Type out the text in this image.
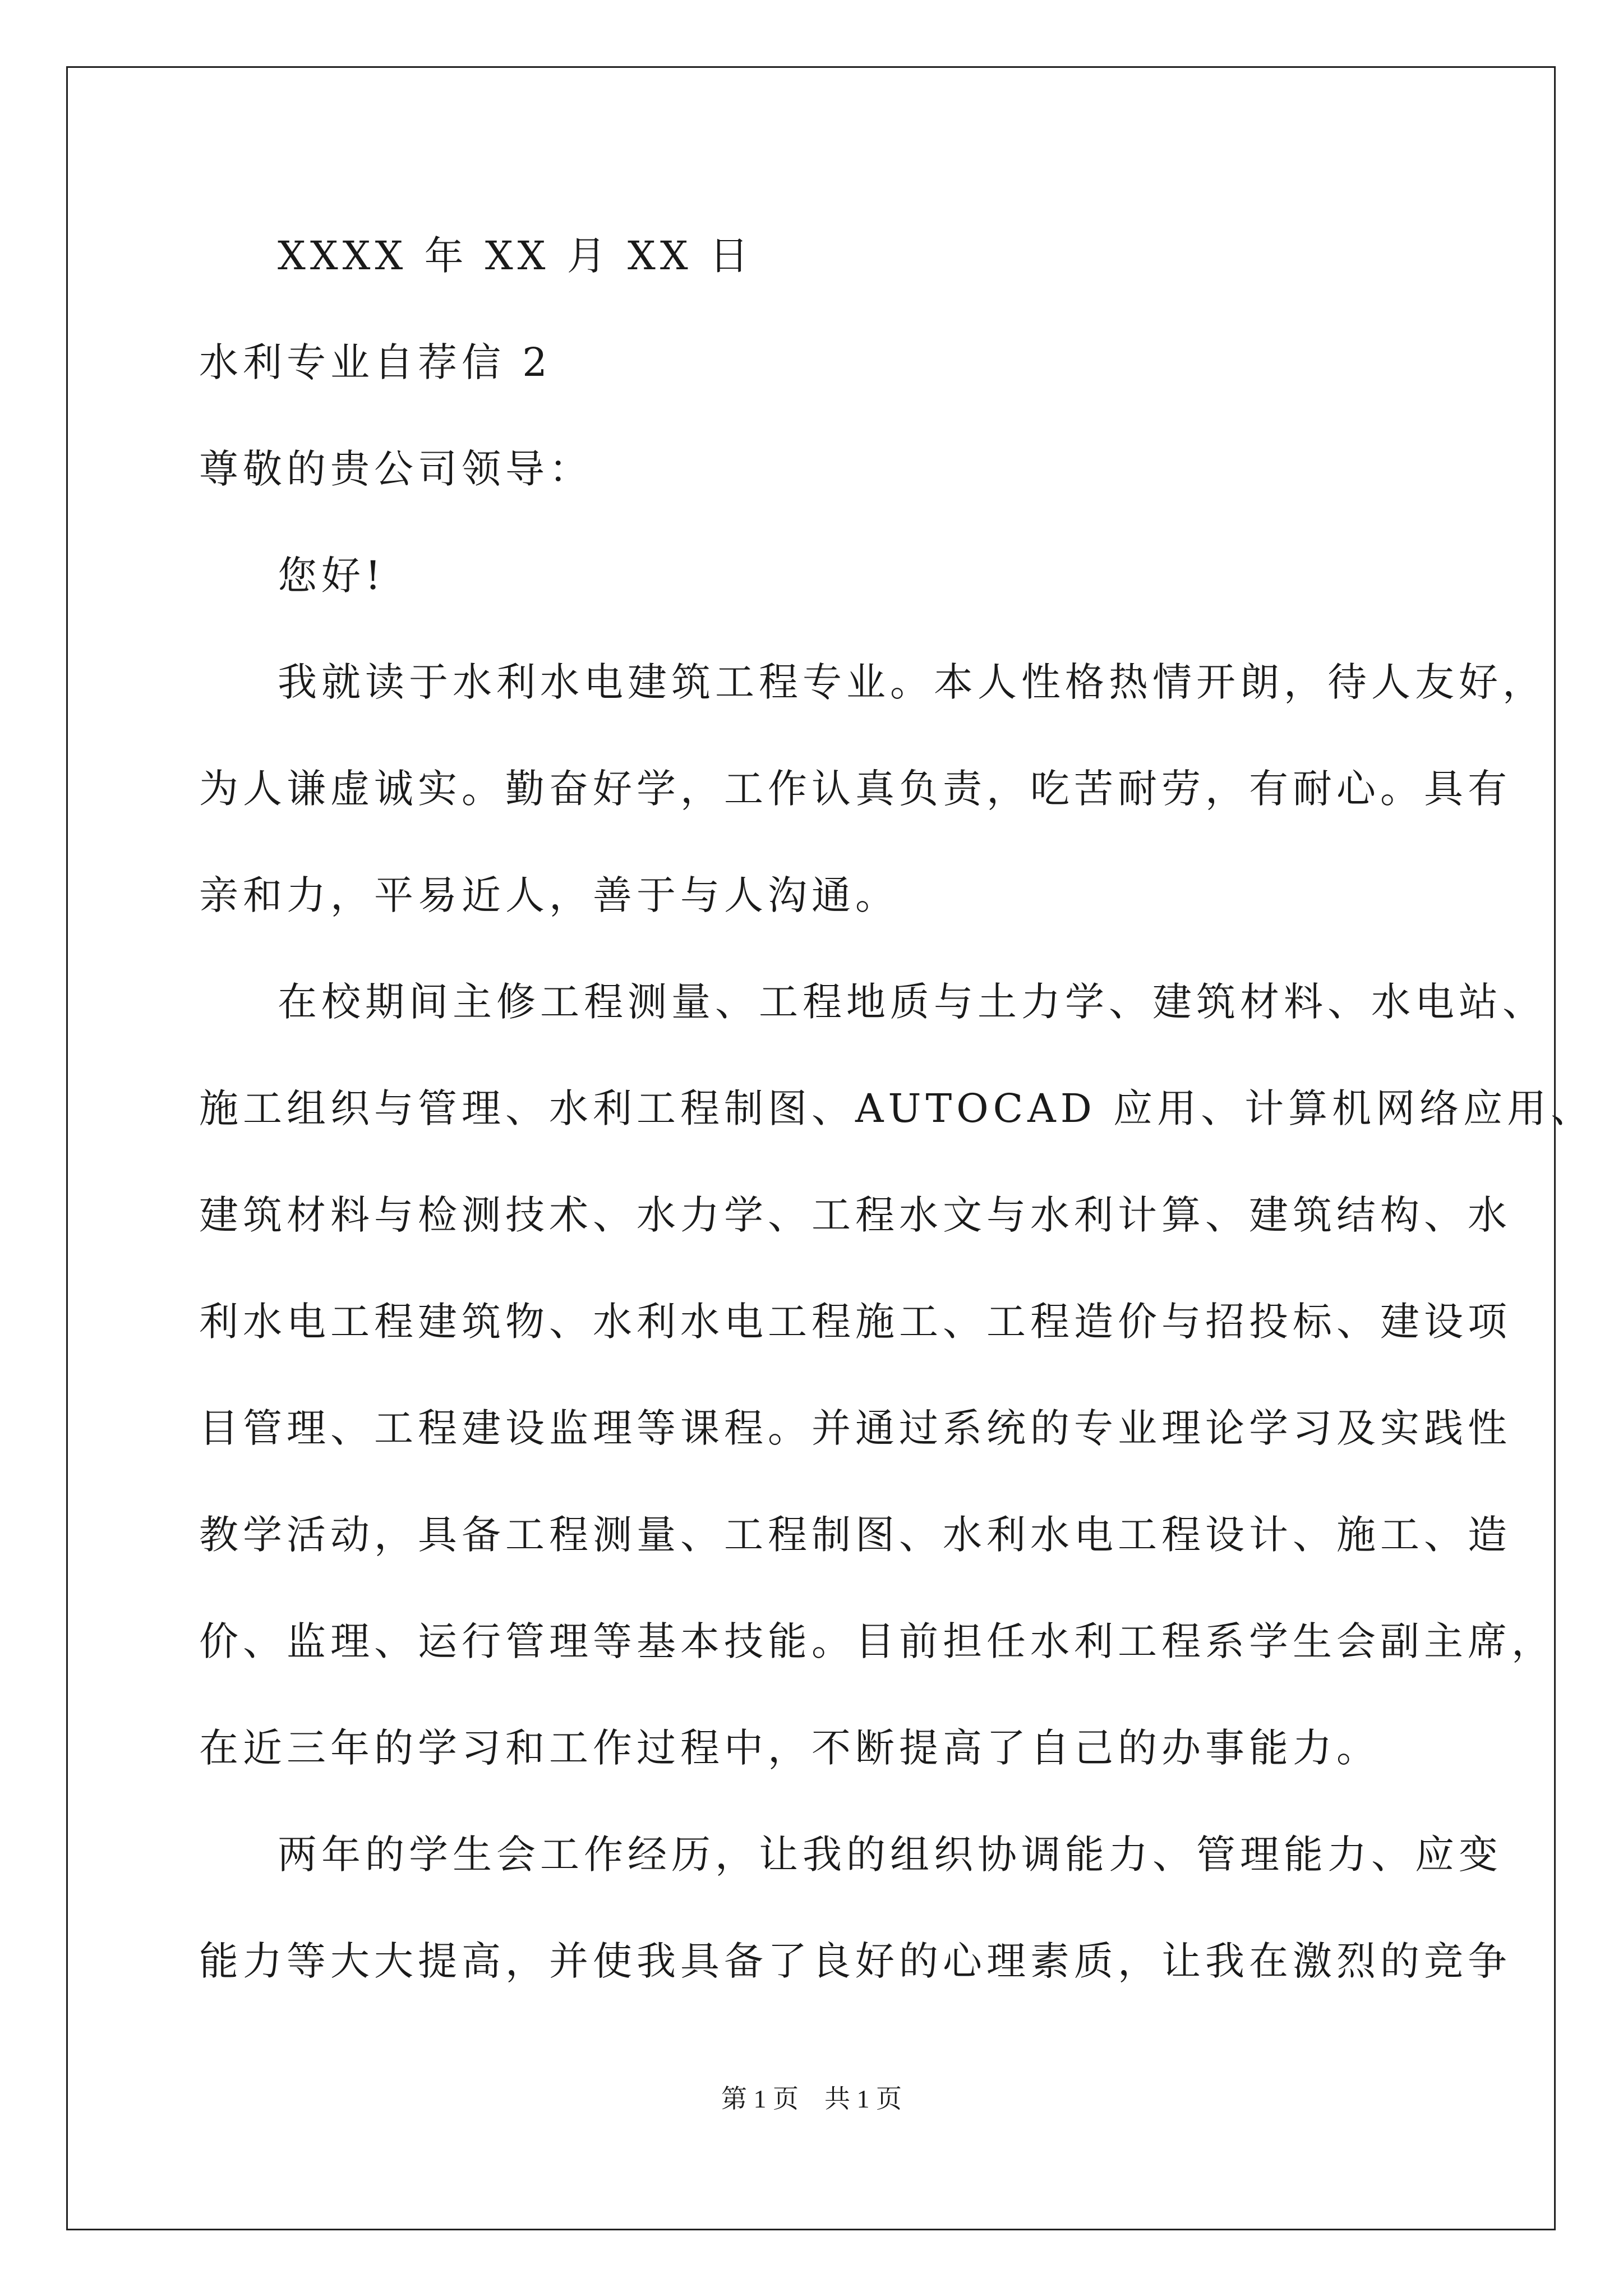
XXXX 年 XX 月 XX 日
水利专业自荐信 2
尊敬的贵公司领导：
您好!
我就读于水利水电建筑工程专业。本人性格热情开朗，待人友好，
为人谦虚诚实。勤奋好学，工作认真负责，吃苦耐劳，有耐心。具有
亲和力，平易近人，善于与人沟通。
在校期间主修工程测量、工程地质与土力学、建筑材料、水电站、
施工组织与管理、水利工程制图、AUTOCAD 应用、计算机网络应用、
建筑材料与检测技术、水力学、工程水文与水利计算、建筑结构、水
利水电工程建筑物、水利水电工程施工、工程造价与招投标、建设项
目管理、工程建设监理等课程。并通过系统的专业理论学习及实践性
教学活动，具备工程测量、工程制图、水利水电工程设计、施工、造
价、监理、运行管理等基本技能。目前担任水利工程系学生会副主席，
在近三年的学习和工作过程中，不断提高了自己的办事能力。
两年的学生会工作经历，让我的组织协调能力、管理能力、应变
能力等大大提高，并使我具备了良好的心理素质，让我在激烈的竞争
第 1 页　共 1 页
